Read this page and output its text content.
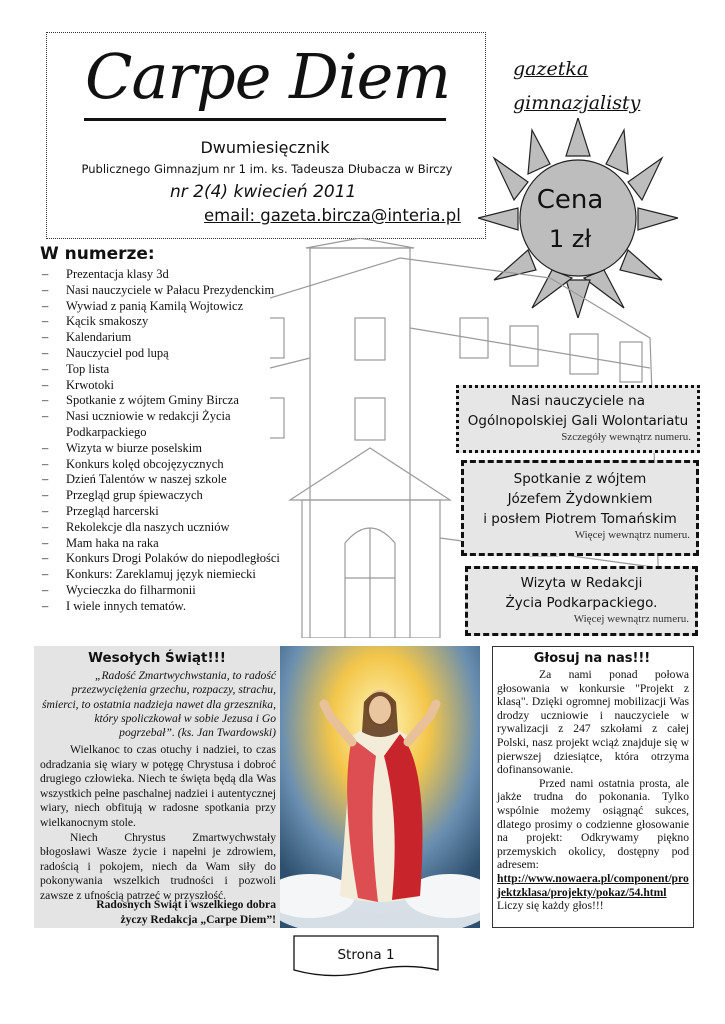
Carpe Diem	gazetka
gimnazjalisty
Dwumiesięcznik
Publicznego Gimnazjum nr 1 im. ks. Tadeusza Dłubacza w Birczy
nr 2(4) kwiecień 2011
email: gazeta.bircza@interia.pl
Cena
1 zł
W numerze:
– Prezentacja klasy 3d
– Nasi nauczyciele w Pałacu Prezydenckim
– Wywiad z panią Kamilą Wojtowicz
– Kącik smakoszy
– Kalendarium
– Nauczyciel pod lupą
– Top lista
– Krwotoki
– Spotkanie z wójtem Gminy Bircza
– Nasi uczniowie w redakcji Życia Podkarpackiego
– Wizyta w biurze poselskim
– Konkurs kolęd obcojęzycznych
– Dzień Talentów w naszej szkole
– Przegląd grup śpiewaczych
– Przegląd harcerski
– Rekolekcje dla naszych uczniów
– Mam haka na raka
– Konkurs Drogi Polaków do niepodległości
– Konkurs: Zareklamuj język niemiecki
– Wycieczka do filharmonii
– I wiele innych tematów.
Nasi nauczyciele na
Ogólnopolskiej Gali Wolontariatu
Szczegóły wewnątrz numeru.
Spotkanie z wójtem
Józefem Żydownkiem
i posłem Piotrem Tomańskim
Więcej wewnątrz numeru.
Wizyta w Redakcji
Życia Podkarpackiego.
Więcej wewnątrz numeru.
Wesołych Świąt!!!
„Radość Zmartwychwstania, to radość przezwyciężenia grzechu, rozpaczy, strachu, śmierci, to ostatnia nadzieja nawet dla grzesznika, który spoliczkował w sobie Jezusa i Go pogrzebał”. (ks. Jan Twardowski)

Wielkanoc to czas otuchy i nadziei, to czas odradzania się wiary w potęgę Chrystusa i dobroć drugiego człowieka. Niech te święta będą dla Was wszystkich pełne paschalnej nadziei i autentycznej wiary, niech obfitują w radosne spotkania przy wielkanocnym stole.

Niech Chrystus Zmartwychwstały błogosławi Wasze życie i napełni je zdrowiem, radością i pokojem, niech da Wam siły do pokonywania wszelkich trudności i pozwoli zawsze z ufnością patrzeć w przyszłość.

Radosnych Świąt i wszelkiego dobra
życzy Redakcja „Carpe Diem”!
Głosuj na nas!!!

Za nami ponad połowa głosowania w konkursie "Projekt z klasą". Dzięki ogromnej mobilizacji Was drodzy uczniowie i nauczyciele w rywalizacji z 247 szkołami z całej Polski, nasz projekt wciąż znajduje się w pierwszej dziesiątce, która otrzyma dofinansowanie.

Przed nami ostatnia prosta, ale jakże trudna do pokonania. Tylko wspólnie możemy osiągnąć sukces, dlatego prosimy o codzienne głosowanie na projekt: Odkrywamy piękno przemyskich okolicy, dostępny pod adresem:

http://www.nowaera.pl/component/projektzklasa/projekty/pokaz/54.html
Liczy się każdy głos!!!
Strona 1
